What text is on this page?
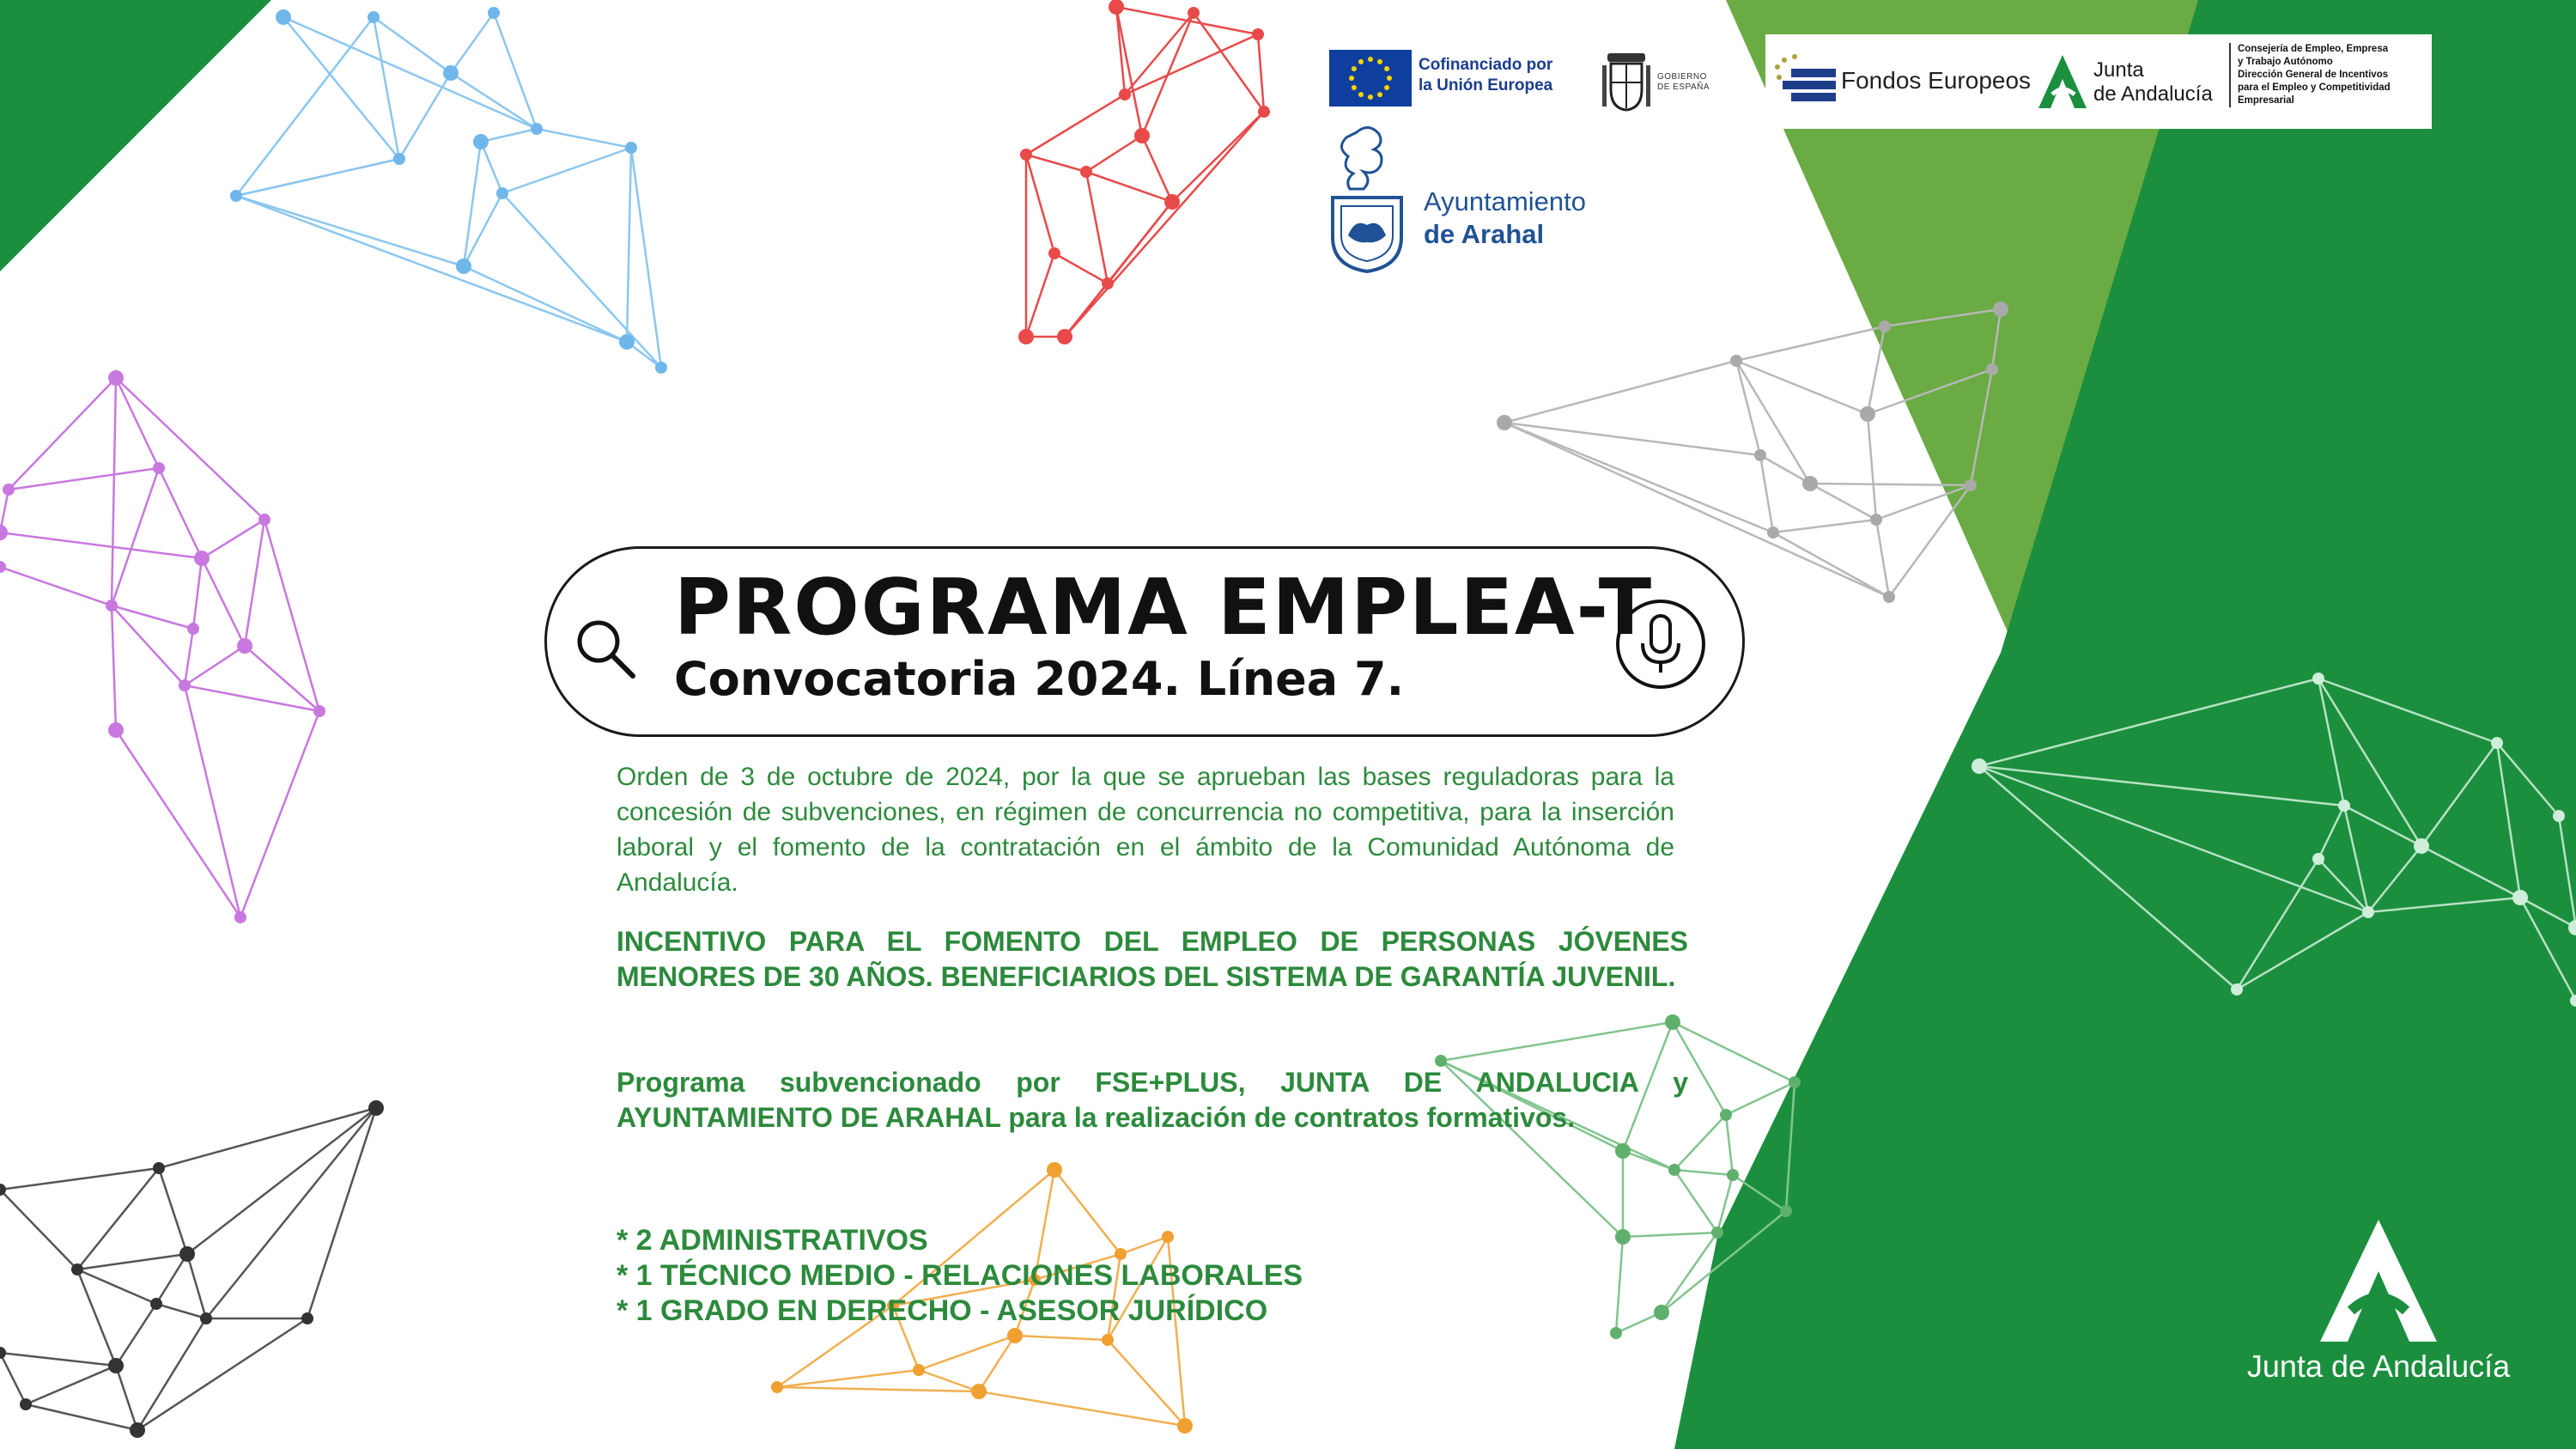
Cofinanciado por
la Unión Europea	GOBIERNO
DE ESPAÑA
Ayuntamiento
de Arahal
Fondos Europeos	Junta
de Andalucía
Consejería de Empleo, Empresa
y Trabajo Autónomo
Dirección General de Incentivos
para el Empleo y Competitividad
Empresarial
PROGRAMA EMPLEA-T
Convocatoria 2024. Línea 7.
Orden de 3 de octubre de 2024, por la que se aprueban las bases reguladoras para la concesión de subvenciones, en régimen de concurrencia no competitiva, para la inserción laboral y el fomento de la contratación en el ámbito de la Comunidad Autónoma de Andalucía.
INCENTIVO PARA EL FOMENTO DEL EMPLEO DE PERSONAS JÓVENES MENORES DE 30 AÑOS. BENEFICIARIOS DEL SISTEMA DE GARANTÍA JUVENIL.
Programa subvencionado por FSE+PLUS, JUNTA DE ANDALUCIA y AYUNTAMIENTO DE ARAHAL para la realización de contratos formativos.
* 2 ADMINISTRATIVOS
* 1 TÉCNICO MEDIO - RELACIONES LABORALES
* 1 GRADO EN DERECHO - ASESOR JURÍDICO
Junta de Andalucía
